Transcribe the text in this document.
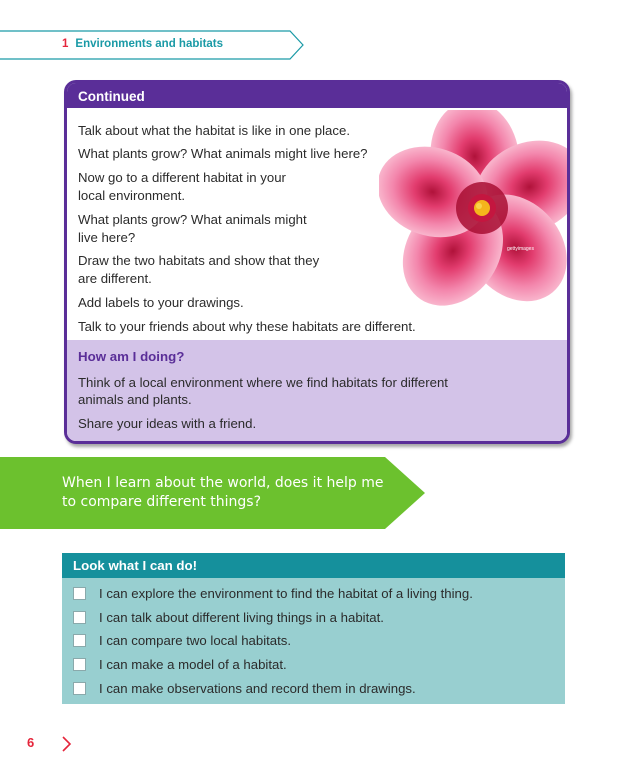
1 Environments and habitats
Continued
Talk about what the habitat is like in one place.
What plants grow? What animals might live here?
Now go to a different habitat in your
local environment.
What plants grow? What animals might
live here?
Draw the two habitats and show that they
are different.
Add labels to your drawings.
Talk to your friends about why these habitats are different.
gettyimages
How am I doing?
Think of a local environment where we find habitats for different
animals and plants.
Share your ideas with a friend.
When I learn about the world, does it help me
to compare different things?
Look what I can do!
I can explore the environment to find the habitat of a living thing.
I can talk about different living things in a habitat.
I can compare two local habitats.
I can make a model of a habitat.
I can make observations and record them in drawings.
6
